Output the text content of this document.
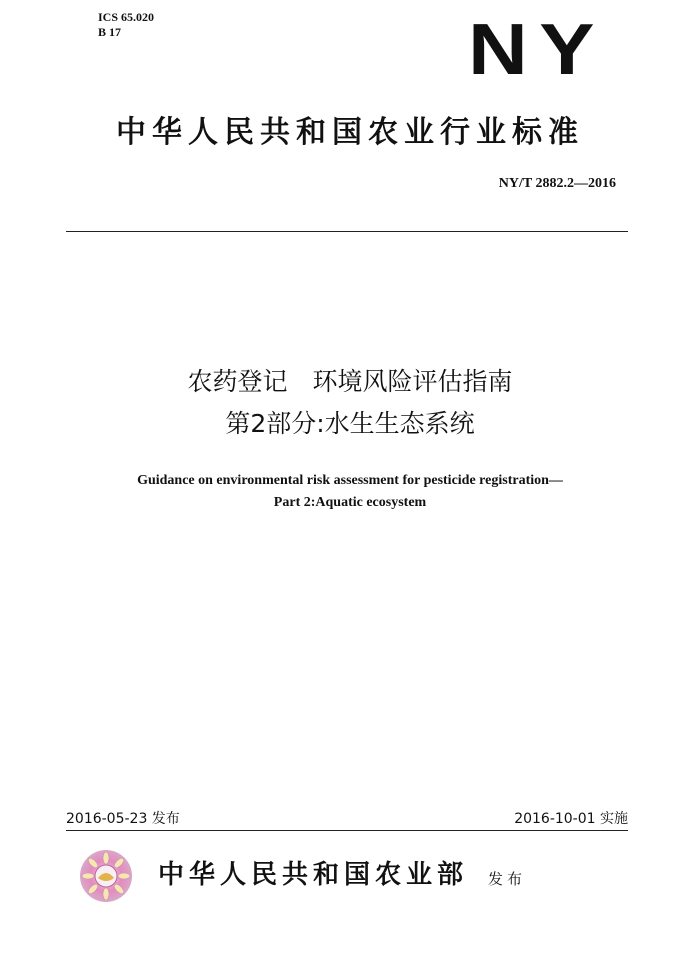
ICS 65.020
B 17	NY
中华人民共和国农业行业标准
NY/T 2882.2—2016
农药登记　环境风险评估指南
第2部分:水生生态系统
Guidance on environmental risk assessment for pesticide registration—
Part 2:Aquatic ecosystem
2016-05-23 发布	2016-10-01 实施
中华人民共和国农业部 发布
